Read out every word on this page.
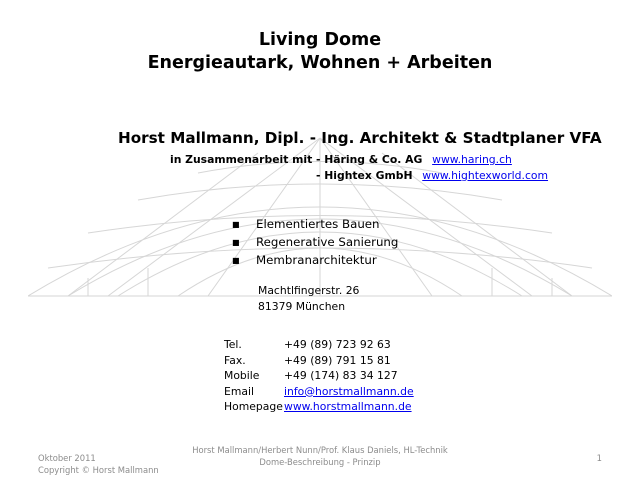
Living Dome
Energieautark, Wohnen + Arbeiten
Horst Mallmann, Dipl. - Ing. Architekt & Stadtplaner VFA
in Zusammenarbeit mit - Häring & Co. AG www.haring.ch
- Hightex GmbH www.hightexworld.com
■ Elementiertes Bauen
■ Regenerative Sanierung
■ Membranarchitektur
Machtlfingerstr. 26
81379 München
Tel.	+49 (89) 723 92 63
Fax.	+49 (89) 791 15 81
Mobile	+49 (174) 83 34 127
Email	info@horstmallmann.de
Homepage	www.horstmallmann.de
Oktober 2011
Copyright © Horst Mallmann
Horst Mallmann/Herbert Nunn/Prof. Klaus Daniels, HL-Technik
Dome-Beschreibung - Prinzip	1
